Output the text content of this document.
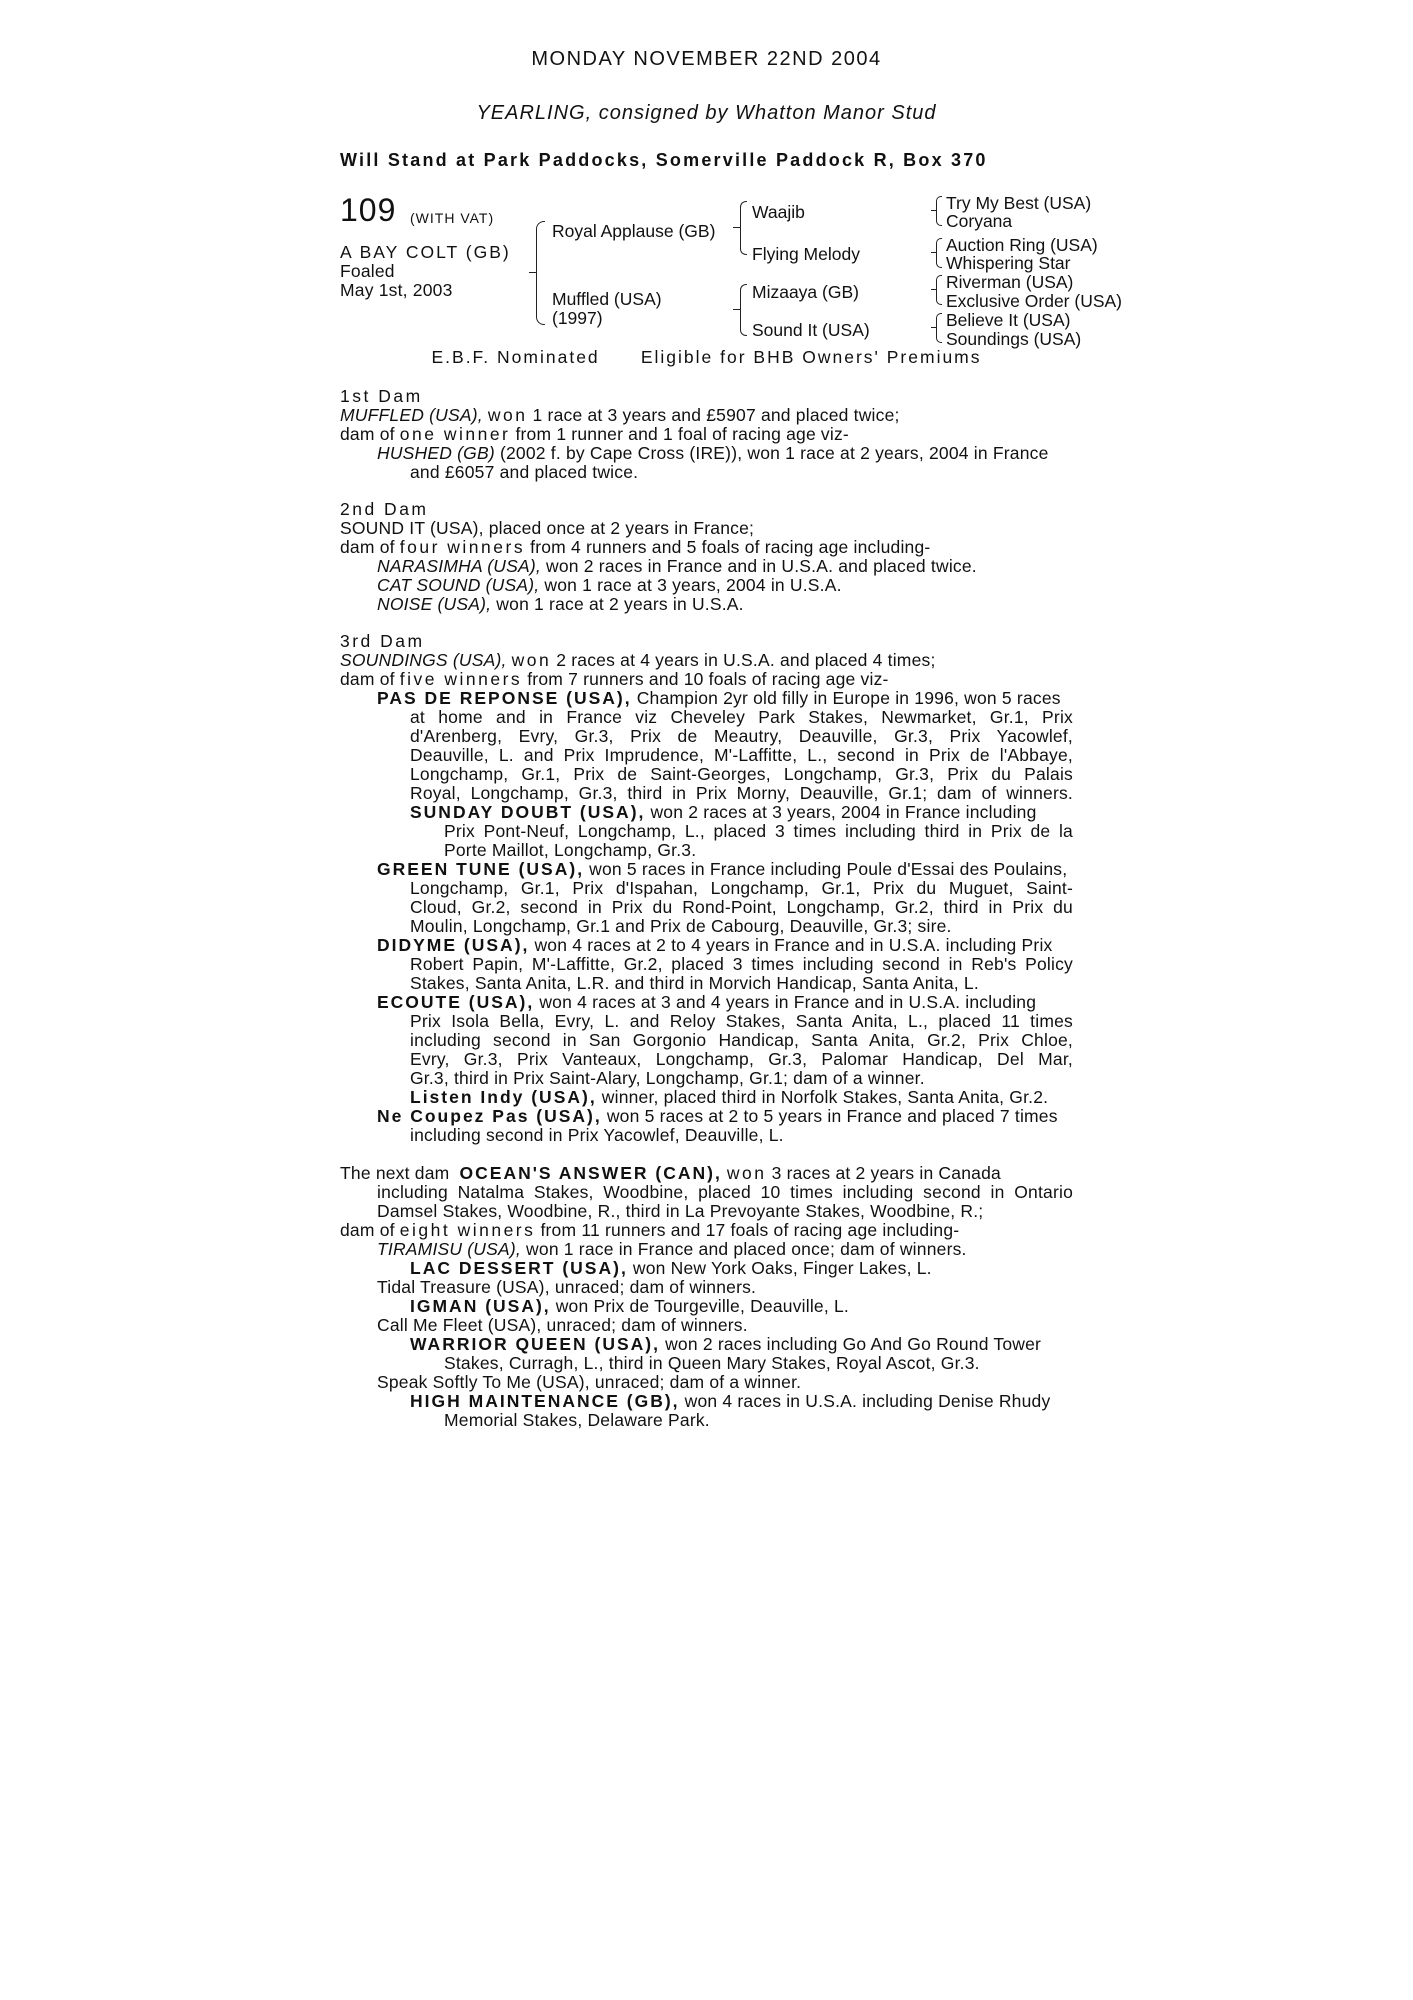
MONDAY NOVEMBER 22ND 2004
YEARLING, consigned by Whatton Manor Stud
Will Stand at Park Paddocks, Somerville Paddock R, Box 370
109 (WITH VAT)
A BAY COLT (GB)
Foaled
May 1st, 2003
Royal Applause (GB)
Muffled (USA)
(1997)
Waajib
Flying Melody
Mizaaya (GB)
Sound It (USA)
Try My Best (USA)
Coryana
Auction Ring (USA)
Whispering Star
Riverman (USA)
Exclusive Order (USA)
Believe It (USA)
Soundings (USA)
E.B.F. Nominated Eligible for BHB Owners' Premiums
1st Dam
MUFFLED (USA), won 1 race at 3 years and £5907 and placed twice;
dam of one winner from 1 runner and 1 foal of racing age viz-
HUSHED (GB) (2002 f. by Cape Cross (IRE)), won 1 race at 2 years, 2004 in France
and £6057 and placed twice.
2nd Dam
SOUND IT (USA), placed once at 2 years in France;
dam of four winners from 4 runners and 5 foals of racing age including-
NARASIMHA (USA), won 2 races in France and in U.S.A. and placed twice.
CAT SOUND (USA), won 1 race at 3 years, 2004 in U.S.A.
NOISE (USA), won 1 race at 2 years in U.S.A.
3rd Dam
SOUNDINGS (USA), won 2 races at 4 years in U.S.A. and placed 4 times;
dam of five winners from 7 runners and 10 foals of racing age viz-
PAS DE REPONSE (USA), Champion 2yr old filly in Europe in 1996, won 5 races
at home and in France viz Cheveley Park Stakes, Newmarket, Gr.1, Prix
d'Arenberg, Evry, Gr.3, Prix de Meautry, Deauville, Gr.3, Prix Yacowlef,
Deauville, L. and Prix Imprudence, M'-Laffitte, L., second in Prix de l'Abbaye,
Longchamp, Gr.1, Prix de Saint-Georges, Longchamp, Gr.3, Prix du Palais
Royal, Longchamp, Gr.3, third in Prix Morny, Deauville, Gr.1; dam of winners.
SUNDAY DOUBT (USA), won 2 races at 3 years, 2004 in France including
Prix Pont-Neuf, Longchamp, L., placed 3 times including third in Prix de la
Porte Maillot, Longchamp, Gr.3.
GREEN TUNE (USA), won 5 races in France including Poule d'Essai des Poulains,
Longchamp, Gr.1, Prix d'Ispahan, Longchamp, Gr.1, Prix du Muguet, Saint-
Cloud, Gr.2, second in Prix du Rond-Point, Longchamp, Gr.2, third in Prix du
Moulin, Longchamp, Gr.1 and Prix de Cabourg, Deauville, Gr.3; sire.
DIDYME (USA), won 4 races at 2 to 4 years in France and in U.S.A. including Prix
Robert Papin, M'-Laffitte, Gr.2, placed 3 times including second in Reb's Policy
Stakes, Santa Anita, L.R. and third in Morvich Handicap, Santa Anita, L.
ECOUTE (USA), won 4 races at 3 and 4 years in France and in U.S.A. including
Prix Isola Bella, Evry, L. and Reloy Stakes, Santa Anita, L., placed 11 times
including second in San Gorgonio Handicap, Santa Anita, Gr.2, Prix Chloe,
Evry, Gr.3, Prix Vanteaux, Longchamp, Gr.3, Palomar Handicap, Del Mar,
Gr.3, third in Prix Saint-Alary, Longchamp, Gr.1; dam of a winner.
Listen Indy (USA), winner, placed third in Norfolk Stakes, Santa Anita, Gr.2.
Ne Coupez Pas (USA), won 5 races at 2 to 5 years in France and placed 7 times
including second in Prix Yacowlef, Deauville, L.
The next dam OCEAN'S ANSWER (CAN), won 3 races at 2 years in Canada
including Natalma Stakes, Woodbine, placed 10 times including second in Ontario
Damsel Stakes, Woodbine, R., third in La Prevoyante Stakes, Woodbine, R.;
dam of eight winners from 11 runners and 17 foals of racing age including-
TIRAMISU (USA), won 1 race in France and placed once; dam of winners.
LAC DESSERT (USA), won New York Oaks, Finger Lakes, L.
Tidal Treasure (USA), unraced; dam of winners.
IGMAN (USA), won Prix de Tourgeville, Deauville, L.
Call Me Fleet (USA), unraced; dam of winners.
WARRIOR QUEEN (USA), won 2 races including Go And Go Round Tower
Stakes, Curragh, L., third in Queen Mary Stakes, Royal Ascot, Gr.3.
Speak Softly To Me (USA), unraced; dam of a winner.
HIGH MAINTENANCE (GB), won 4 races in U.S.A. including Denise Rhudy
Memorial Stakes, Delaware Park.
